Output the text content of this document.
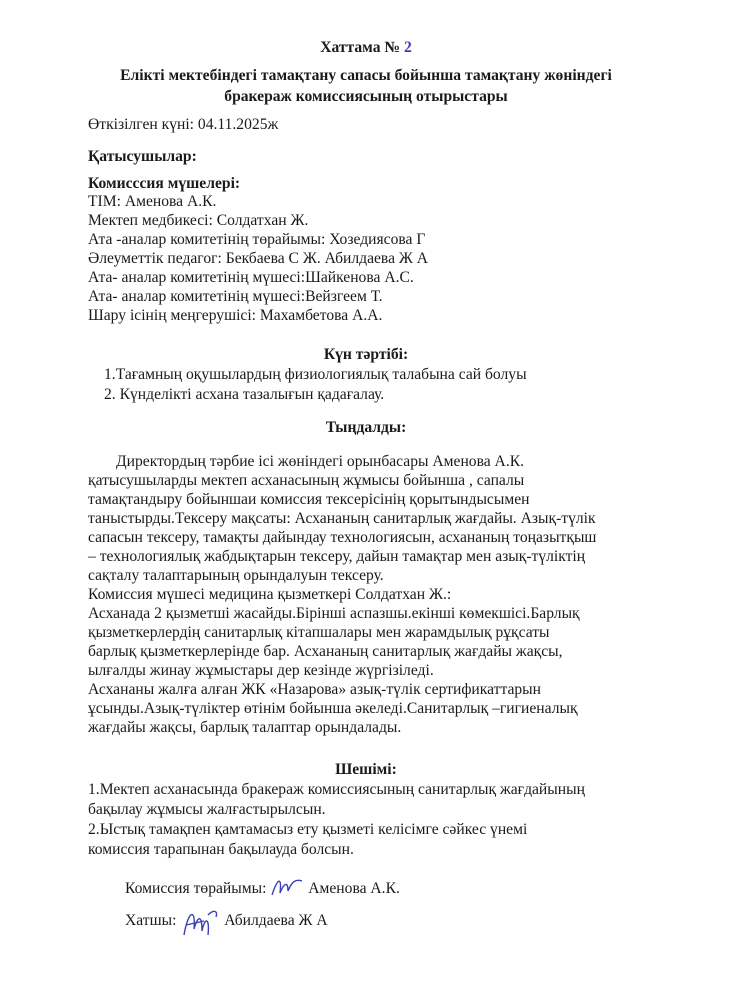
Хаттама № 2
Елікті мектебіндегі тамақтану сапасы бойынша тамақтану жөніндегі
бракераж комиссиясының отырыстары
Өткізілген күні: 04.11.2025ж
Қатысушылар:
Комисссия мүшелері:
ТІМ: Аменова А.К.
Мектеп медбикесі: Солдатхан Ж.
Ата -аналар комитетінің төрайымы: Хозедиясова Г
Әлеуметтік педагог: Бекбаева С Ж. Абилдаева Ж А
Ата- аналар комитетінің мүшесі:Шайкенова А.С.
Ата- аналар комитетінің мүшесі:Вейзгеем Т.
Шару ісінің меңгерушісі: Махамбетова А.А.
Күн тәртібі:
1.Тағамның оқушылардың физиологиялық талабына сай болуы
2. Күнделікті асхана тазалығын қадағалау.
Тыңдалды:
Директордың тәрбие ісі жөніндегі орынбасары Аменова А.К.
қатысушыларды мектеп асханасының жұмысы бойынша , сапалы
тамақтандыру бойыншаи комиссия тексерісінің қорытындысымен
таныстырды.Тексеру мақсаты: Асхананың санитарлық жағдайы. Азық-түлік
сапасын тексеру, тамақты дайындау технологиясын, асхананың тоңазытқыш
– технологиялық жабдықтарын тексеру, дайын тамақтар мен азық-түліктің
сақталу талаптарының орындалуын тексеру.
Комиссия мүшесі медицина қызметкері Солдатхан Ж.:
Асханада 2 қызметші жасайды.Бірінші аспазшы.екінші көмекшісі.Барлық
қызметкерлердің санитарлық кітапшалары мен жарамдылық рұқсаты
барлық қызметкерлерінде бар. Асхананың санитарлық жағдайы жақсы,
ылғалды жинау жұмыстары дер кезінде жүргізіледі.
Асхананы жалға алған ЖК «Назарова» азық-түлік сертификаттарын
ұсынды.Азық-түліктер өтінім бойынша әкеледі.Санитарлық –гигиеналық
жағдайы жақсы, барлық талаптар орындалады.
Шешімі:
1.Мектеп асханасында бракераж комиссиясының санитарлық жағдайының
бақылау жұмысы жалғастырылсын.
2.Ыстық тамақпен қамтамасыз ету қызметі келісімге сәйкес үнемі
комиссия тарапынан бақылауда болсын.
Комиссия төрайымы:	Аменова А.К.
Хатшы:	Абилдаева Ж А
